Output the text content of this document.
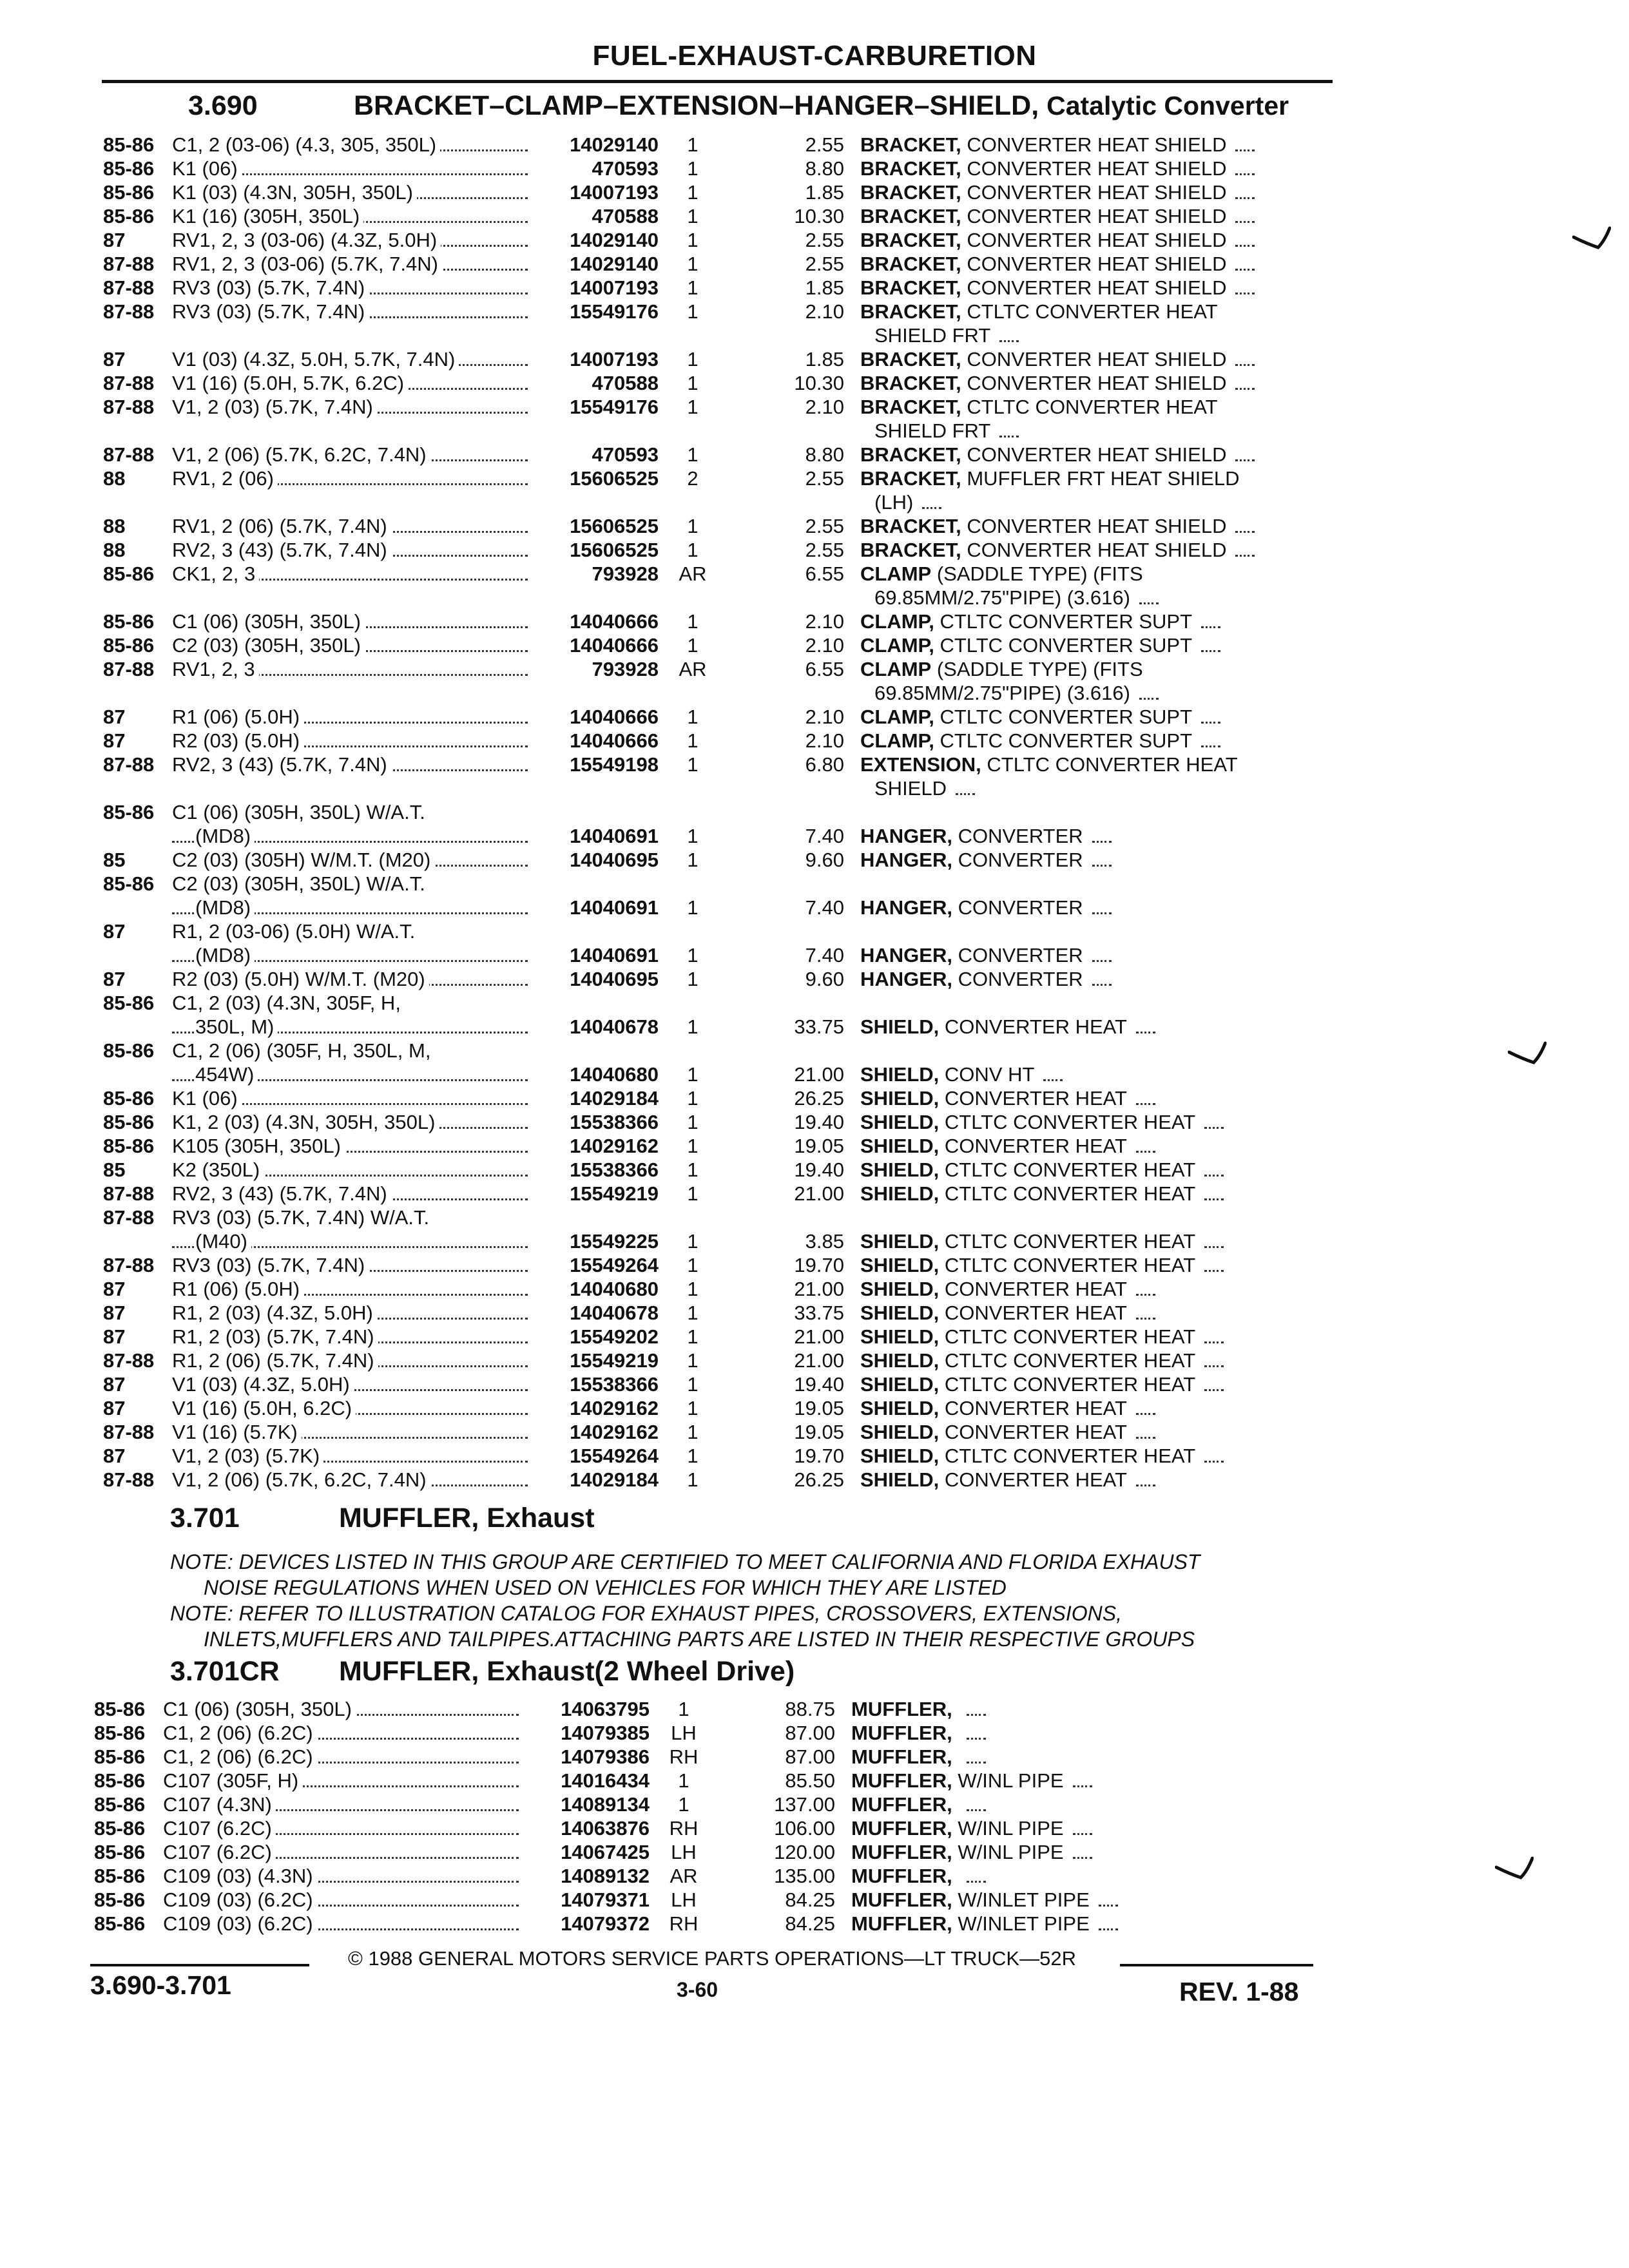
FUEL-EXHAUST-CARBURETION
3.690	BRACKET–CLAMP–EXTENSION–HANGER–SHIELD, Catalytic Converter
85-86 C1, 2 (03-06) (4.3, 305, 350L)	14029140	1	2.55 BRACKET, CONVERTER HEAT SHIELD
85-86 K1 (06)	470593	1	8.80 BRACKET, CONVERTER HEAT SHIELD
85-86 K1 (03) (4.3N, 305H, 350L)	14007193	1	1.85 BRACKET, CONVERTER HEAT SHIELD
85-86 K1 (16) (305H, 350L)	470588	1	10.30 BRACKET, CONVERTER HEAT SHIELD
87	RV1, 2, 3 (03-06) (4.3Z, 5.0H)	14029140	1	2.55 BRACKET, CONVERTER HEAT SHIELD
87-88 RV1, 2, 3 (03-06) (5.7K, 7.4N)	14029140	1	2.55 BRACKET, CONVERTER HEAT SHIELD
87-88 RV3 (03) (5.7K, 7.4N)	14007193	1	1.85 BRACKET, CONVERTER HEAT SHIELD
87-88 RV3 (03) (5.7K, 7.4N)	15549176	1	2.10 BRACKET, CTLTC CONVERTER HEAT
SHIELD FRT
87	V1 (03) (4.3Z, 5.0H, 5.7K, 7.4N)	14007193	1	1.85 BRACKET, CONVERTER HEAT SHIELD
87-88 V1 (16) (5.0H, 5.7K, 6.2C)	470588	1	10.30 BRACKET, CONVERTER HEAT SHIELD
87-88 V1, 2 (03) (5.7K, 7.4N)	15549176	1	2.10 BRACKET, CTLTC CONVERTER HEAT
SHIELD FRT
87-88 V1, 2 (06) (5.7K, 6.2C, 7.4N)	470593	1	8.80 BRACKET, CONVERTER HEAT SHIELD
88	RV1, 2 (06)	15606525	2	2.55 BRACKET, MUFFLER FRT HEAT SHIELD
(LH)
88	RV1, 2 (06) (5.7K, 7.4N)	15606525	1	2.55 BRACKET, CONVERTER HEAT SHIELD
88	RV2, 3 (43) (5.7K, 7.4N)	15606525	1	2.55 BRACKET, CONVERTER HEAT SHIELD
85-86 CK1, 2, 3	793928	AR	6.55 CLAMP (SADDLE TYPE) (FITS
69.85MM/2.75"PIPE) (3.616)
85-86 C1 (06) (305H, 350L)	14040666	1	2.10 CLAMP, CTLTC CONVERTER SUPT
85-86 C2 (03) (305H, 350L)	14040666	1	2.10 CLAMP, CTLTC CONVERTER SUPT
87-88 RV1, 2, 3	793928	AR	6.55 CLAMP (SADDLE TYPE) (FITS
69.85MM/2.75"PIPE) (3.616)
87	R1 (06) (5.0H)	14040666	1	2.10 CLAMP, CTLTC CONVERTER SUPT
87	R2 (03) (5.0H)	14040666	1	2.10 CLAMP, CTLTC CONVERTER SUPT
87-88 RV2, 3 (43) (5.7K, 7.4N)	15549198	1	6.80 EXTENSION, CTLTC CONVERTER HEAT
SHIELD
85-86 C1 (06) (305H, 350L) W/A.T.
(MD8)	14040691	1	7.40 HANGER, CONVERTER
85	C2 (03) (305H) W/M.T. (M20)	14040695	1	9.60 HANGER, CONVERTER
85-86 C2 (03) (305H, 350L) W/A.T.
(MD8)	14040691	1	7.40 HANGER, CONVERTER
87	R1, 2 (03-06) (5.0H) W/A.T.
(MD8)	14040691	1	7.40 HANGER, CONVERTER
87	R2 (03) (5.0H) W/M.T. (M20)	14040695	1	9.60 HANGER, CONVERTER
85-86 C1, 2 (03) (4.3N, 305F, H,
350L, M)	14040678	1	33.75 SHIELD, CONVERTER HEAT
85-86 C1, 2 (06) (305F, H, 350L, M,
454W)	14040680	1	21.00 SHIELD, CONV HT
85-86 K1 (06)	14029184	1	26.25 SHIELD, CONVERTER HEAT
85-86 K1, 2 (03) (4.3N, 305H, 350L)	15538366	1	19.40 SHIELD, CTLTC CONVERTER HEAT
85-86 K105 (305H, 350L)	14029162	1	19.05 SHIELD, CONVERTER HEAT
85	K2 (350L)	15538366	1	19.40 SHIELD, CTLTC CONVERTER HEAT
87-88 RV2, 3 (43) (5.7K, 7.4N)	15549219	1	21.00 SHIELD, CTLTC CONVERTER HEAT
87-88 RV3 (03) (5.7K, 7.4N) W/A.T.
(M40)	15549225	1	3.85 SHIELD, CTLTC CONVERTER HEAT
87-88 RV3 (03) (5.7K, 7.4N)	15549264	1	19.70 SHIELD, CTLTC CONVERTER HEAT
87	R1 (06) (5.0H)	14040680	1	21.00 SHIELD, CONVERTER HEAT
87	R1, 2 (03) (4.3Z, 5.0H)	14040678	1	33.75 SHIELD, CONVERTER HEAT
87	R1, 2 (03) (5.7K, 7.4N)	15549202	1	21.00 SHIELD, CTLTC CONVERTER HEAT
87-88 R1, 2 (06) (5.7K, 7.4N)	15549219	1	21.00 SHIELD, CTLTC CONVERTER HEAT
87	V1 (03) (4.3Z, 5.0H)	15538366	1	19.40 SHIELD, CTLTC CONVERTER HEAT
87	V1 (16) (5.0H, 6.2C)	14029162	1	19.05 SHIELD, CONVERTER HEAT
87-88 V1 (16) (5.7K)	14029162	1	19.05 SHIELD, CONVERTER HEAT
87	V1, 2 (03) (5.7K)	15549264	1	19.70 SHIELD, CTLTC CONVERTER HEAT
87-88 V1, 2 (06) (5.7K, 6.2C, 7.4N)	14029184	1	26.25 SHIELD, CONVERTER HEAT
3.701	MUFFLER, Exhaust
NOTE: DEVICES LISTED IN THIS GROUP ARE CERTIFIED TO MEET CALIFORNIA AND FLORIDA EXHAUST
NOISE REGULATIONS WHEN USED ON VEHICLES FOR WHICH THEY ARE LISTED
NOTE: REFER TO ILLUSTRATION CATALOG FOR EXHAUST PIPES, CROSSOVERS, EXTENSIONS,
INLETS,MUFFLERS AND TAILPIPES.ATTACHING PARTS ARE LISTED IN THEIR RESPECTIVE GROUPS
3.701CR MUFFLER, Exhaust(2 Wheel Drive)
85-86 C1 (06) (305H, 350L)	14063795	1	88.75 MUFFLER,
85-86 C1, 2 (06) (6.2C)	14079385	LH	87.00 MUFFLER,
85-86 C1, 2 (06) (6.2C)	14079386 RH	87.00 MUFFLER,
85-86 C107 (305F, H)	14016434	1	85.50 MUFFLER, W/INL PIPE
85-86 C107 (4.3N)	14089134	1	137.00 MUFFLER,
85-86 C107 (6.2C)	14063876 RH	106.00 MUFFLER, W/INL PIPE
85-86 C107 (6.2C)	14067425	LH	120.00 MUFFLER, W/INL PIPE
85-86 C109 (03) (4.3N)	14089132	AR	135.00 MUFFLER,
85-86 C109 (03) (6.2C)	14079371	LH	84.25 MUFFLER, W/INLET PIPE
85-86 C109 (03) (6.2C)	14079372 RH	84.25 MUFFLER, W/INLET PIPE
© 1988 GENERAL MOTORS SERVICE PARTS OPERATIONS—LT TRUCK—52R
3.690-3.701	3-60	REV. 1-88
